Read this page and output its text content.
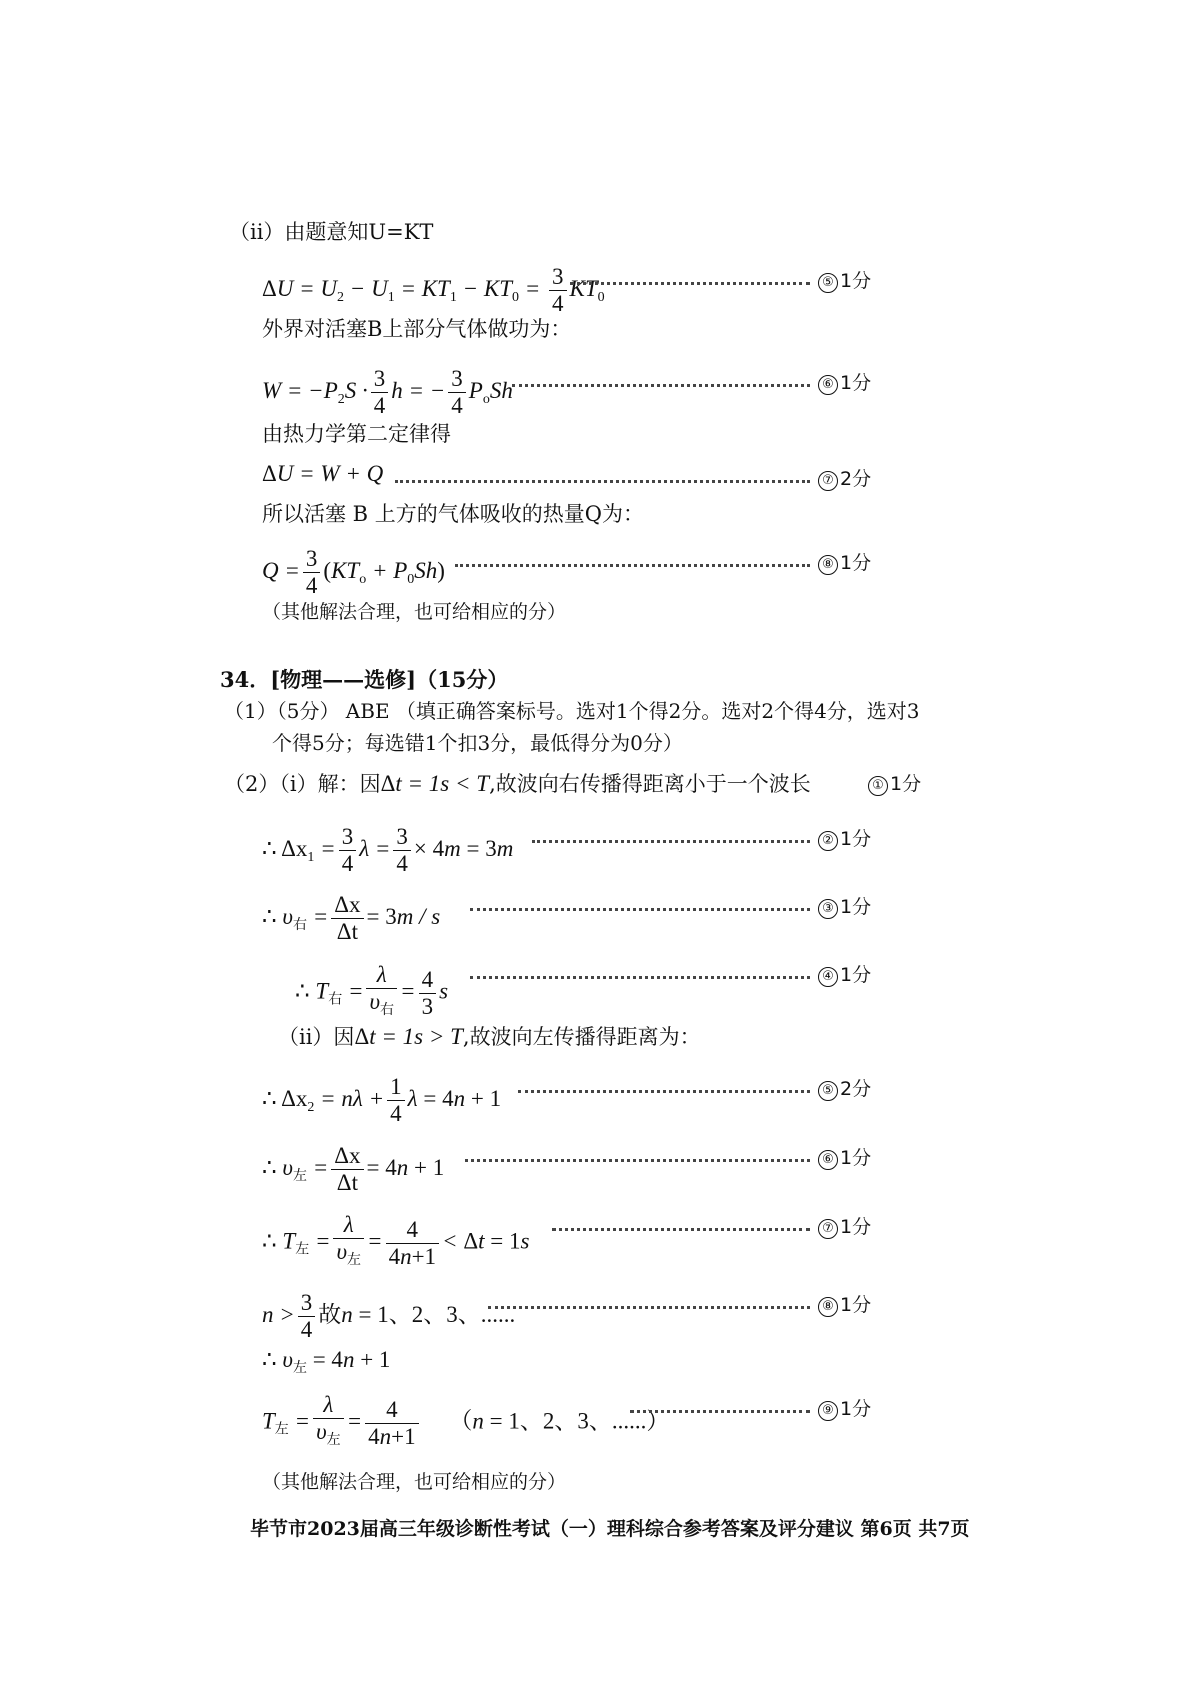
（ii）由题意知U=KT
$\Delta U = U_2 - U_1 = KT_1 - KT_0 = \frac{3}{4} KT_0$
⑤ 1分
外界对活塞B上部分气体做功为：
$W = -P_2S \cdot \frac{3}{4}$ h = − $\frac{3}{4} P_oSh$	⑥ 1分
由热力学第二定律得
ΔU = W + Q	⑦ 2分
所以活塞 B 上方的气体吸收的热量Q为：
$Q = \frac{3}{4} (KT_o + P_0Sh)$	⑧ 1分
（其他解法合理，也可给相应的分）
34．[物理——选修]（15分）
（1）（5分） ABE （填正确答案标号。选对1个得2分。选对2个得4分，选对3
个得5分；每选错1个扣3分，最低得分为0分）
（2）（i）解：因Δt = 1s < T,故波向右传播得距离小于一个波长	① 1分
∴ $\Delta x_1 = \frac{3}{4}$ $\lambda = \frac{3}{4} \times 4m = 3m$	② 1分
∴ $\upsilon_右 = \frac{\Delta x}{\Delta t} = 3m / s$	③ 1分
∴ $T_右 = \frac{\lambda}{\upsilon_右} = \frac{4}{3}$ s
④ 1分
（ii）因Δt = 1s > T,故波向左传播得距离为：
∴ $\Delta x_2 = n\lambda + \frac{1}{4}$ λ = 4n + 1	⑤ 2分
∴ $\upsilon_左 = \frac{\Delta x}{\Delta t} = 4n + 1$	⑥ 1分
∴ $T_左 = \frac{\lambda}{\upsilon_左} = \frac{4}{4n+1} < \Delta t = 1s$	⑦ 1分
$n > \frac{3}{4}$ 故n = 1、2、3、......	⑧ 1分
∴ $\upsilon_左 = 4n + 1$
$T_左 = \frac{\lambda}{\upsilon_左} = \frac{4}{4n+1} (n = 1$、2、3、......）	⑨ 1分
（其他解法合理，也可给相应的分）
毕节市2023届高三年级诊断性考试（一）理科综合参考答案及评分建议 第6页 共7页
